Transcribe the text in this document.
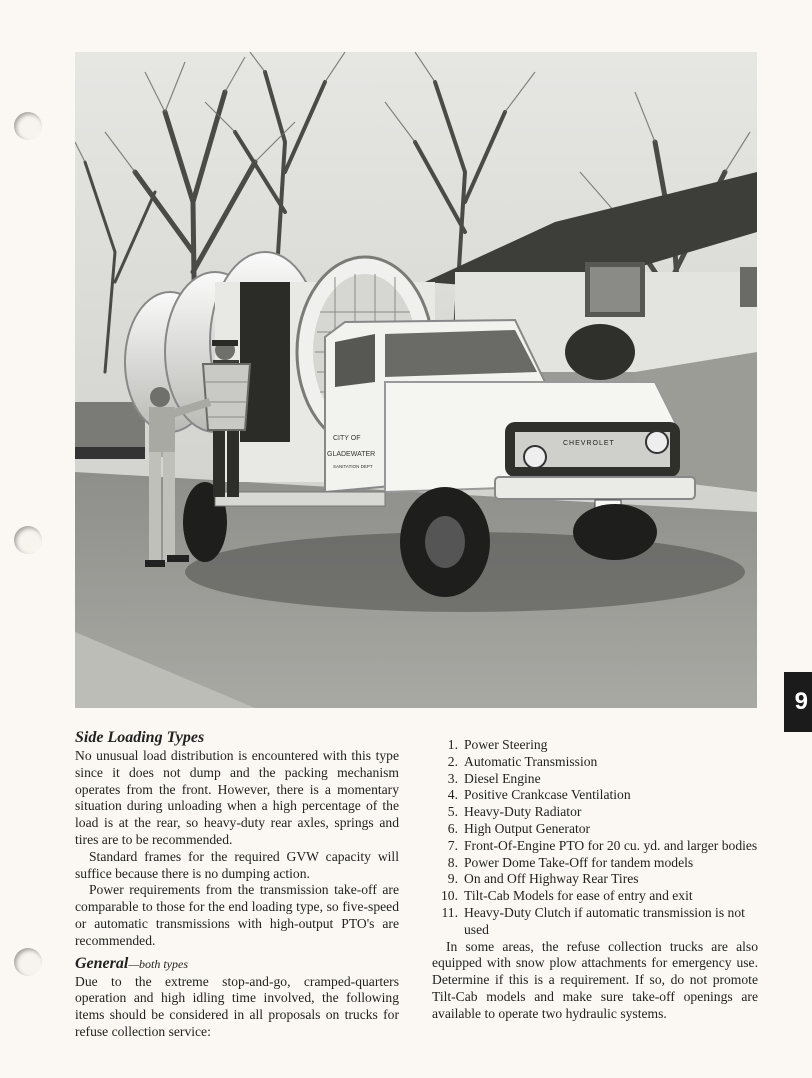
CHEVROLET
CITY OF
GLADEWATER
SANITATION DEPT
9
Side Loading Types

No unusual load distribution is encountered with this type since it does not dump and the packing mechanism operates from the front. However, there is a momentary situation during unloading when a high percentage of the load is at the rear, so heavy-duty rear axles, springs and tires are to be recommended.

Standard frames for the required GVW capacity will suffice because there is no dumping action.

Power requirements from the transmission take-off are comparable to those for the end loading type, so five-speed or automatic transmissions with high-output PTO's are recommended.

General—both types

Due to the extreme stop-and-go, cramped-quarters operation and high idling time involved, the following items should be considered in all proposals on trucks for refuse collection service:

1. Power Steering
2. Automatic Transmission
3. Diesel Engine
4. Positive Crankcase Ventilation
5. Heavy-Duty Radiator
6. High Output Generator
7. Front-Of-Engine PTO for 20 cu. yd. and larger bodies
8. Power Dome Take-Off for tandem models
9. On and Off Highway Rear Tires
10. Tilt-Cab Models for ease of entry and exit
11. Heavy-Duty Clutch if automatic transmission is not used

In some areas, the refuse collection trucks are also equipped with snow plow attachments for emergency use. Determine if this is a requirement. If so, do not promote Tilt-Cab models and make sure take-off openings are available to operate two hydraulic systems.
